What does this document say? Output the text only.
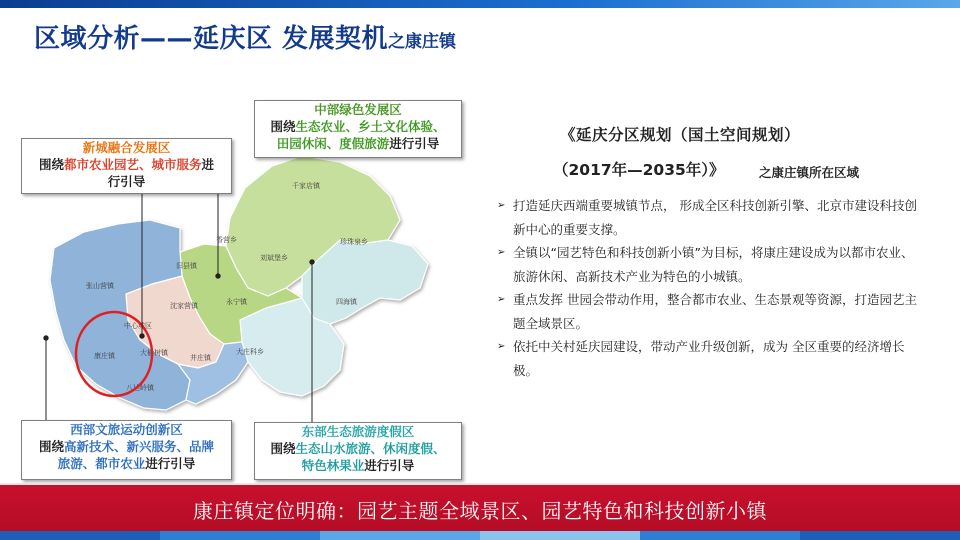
区域分析——延庆区 发展契机之康庄镇
千家店镇
香营乡	珍珠泉乡
旧县镇
刘斌堡乡
张山营镇
沈家营镇	永宁镇	四海镇
中心城区
康庄镇	大榆树镇
井庄镇
大庄科乡
八达岭镇
新城融合发展区
围绕都市农业园艺、城市服务进
行引导
中部绿色发展区
围绕生态农业、乡土文化体验、
田园休闲、度假旅游进行引导
西部文旅运动创新区
围绕高新技术、新兴服务、品牌
旅游、都市农业进行引导
东部生态旅游度假区
围绕生态山水旅游、休闲度假、
特色林果业进行引导
《延庆分区规划（国土空间规划）
（2017年—2035年）》	之康庄镇所在区域
➢ 打造延庆西端重要城镇节点， 形成全区科技创新引擎、北京市建设科技创新中心的重要支撑。
➢ 全镇以“园艺特色和科技创新小镇”为目标，将康庄建设成为以都市农业、旅游休闲、高新技术产业为特色的小城镇。
➢ 重点发挥 世园会带动作用，整合都市农业、生态景观等资源，打造园艺主题全域景区。
➢ 依托中关村延庆园建设，带动产业升级创新，成为 全区重要的经济增长极。
康庄镇定位明确：园艺主题全域景区、园艺特色和科技创新小镇
